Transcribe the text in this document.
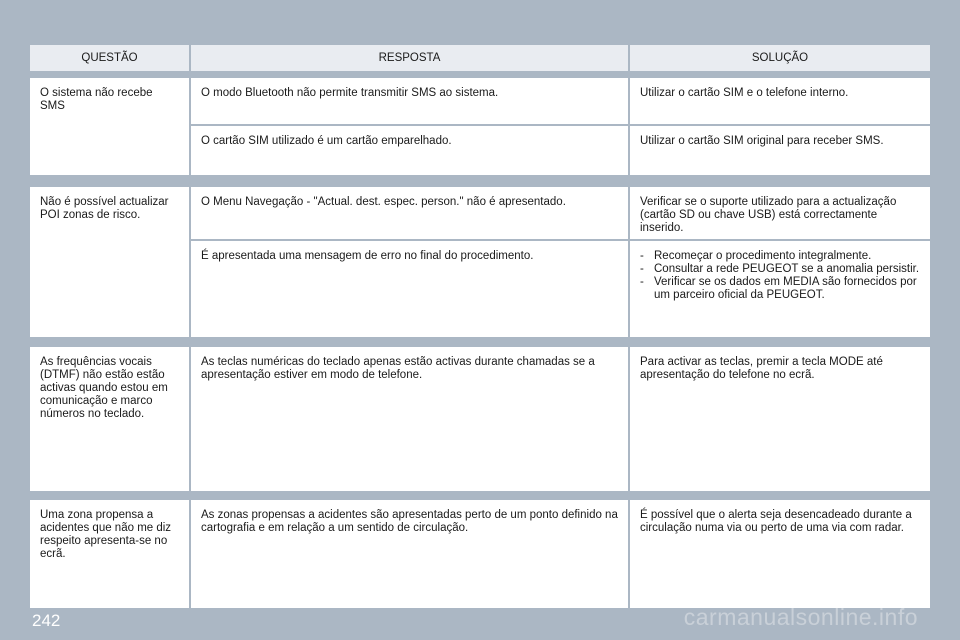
QUESTÃO	RESPOSTA	SOLUÇÃO

O sistema não recebe SMS

O modo Bluetooth não permite transmitir SMS ao sistema.	Utilizar o cartão SIM e o telefone interno.

O cartão SIM utilizado é um cartão emparelhado.	Utilizar o cartão SIM original para receber SMS.

Não é possível actualizar POI zonas de risco.

O Menu Navegação - "Actual. dest. espec. person." não é apresentado.	Verificar se o suporte utilizado para a actualização (cartão SD ou chave USB) está correctamente inserido.

É apresentada uma mensagem de erro no final do procedimento.

-	Recomeçar o procedimento integralmente.
- Consultar a rede PEUGEOT se a anomalia persistir.
- Verificar se os dados em MEDIA são fornecidos por um parceiro oficial da PEUGEOT.

As frequências vocais (DTMF) não estão estão activas quando estou em comunicação e marco números no teclado.

As teclas numéricas do teclado apenas estão activas durante chamadas se a apresentação estiver em modo de telefone.

Para activar as teclas, premir a tecla MODE até apresentação do telefone no ecrã.

Uma zona propensa a acidentes que não me diz respeito apresenta-se no ecrã.

As zonas propensas a acidentes são apresentadas perto de um ponto definido na cartografia e em relação a um sentido de circulação.

É possível que o alerta seja desencadeado durante a circulação numa via ou perto de uma via com radar.

242	carmanualsonline.info
